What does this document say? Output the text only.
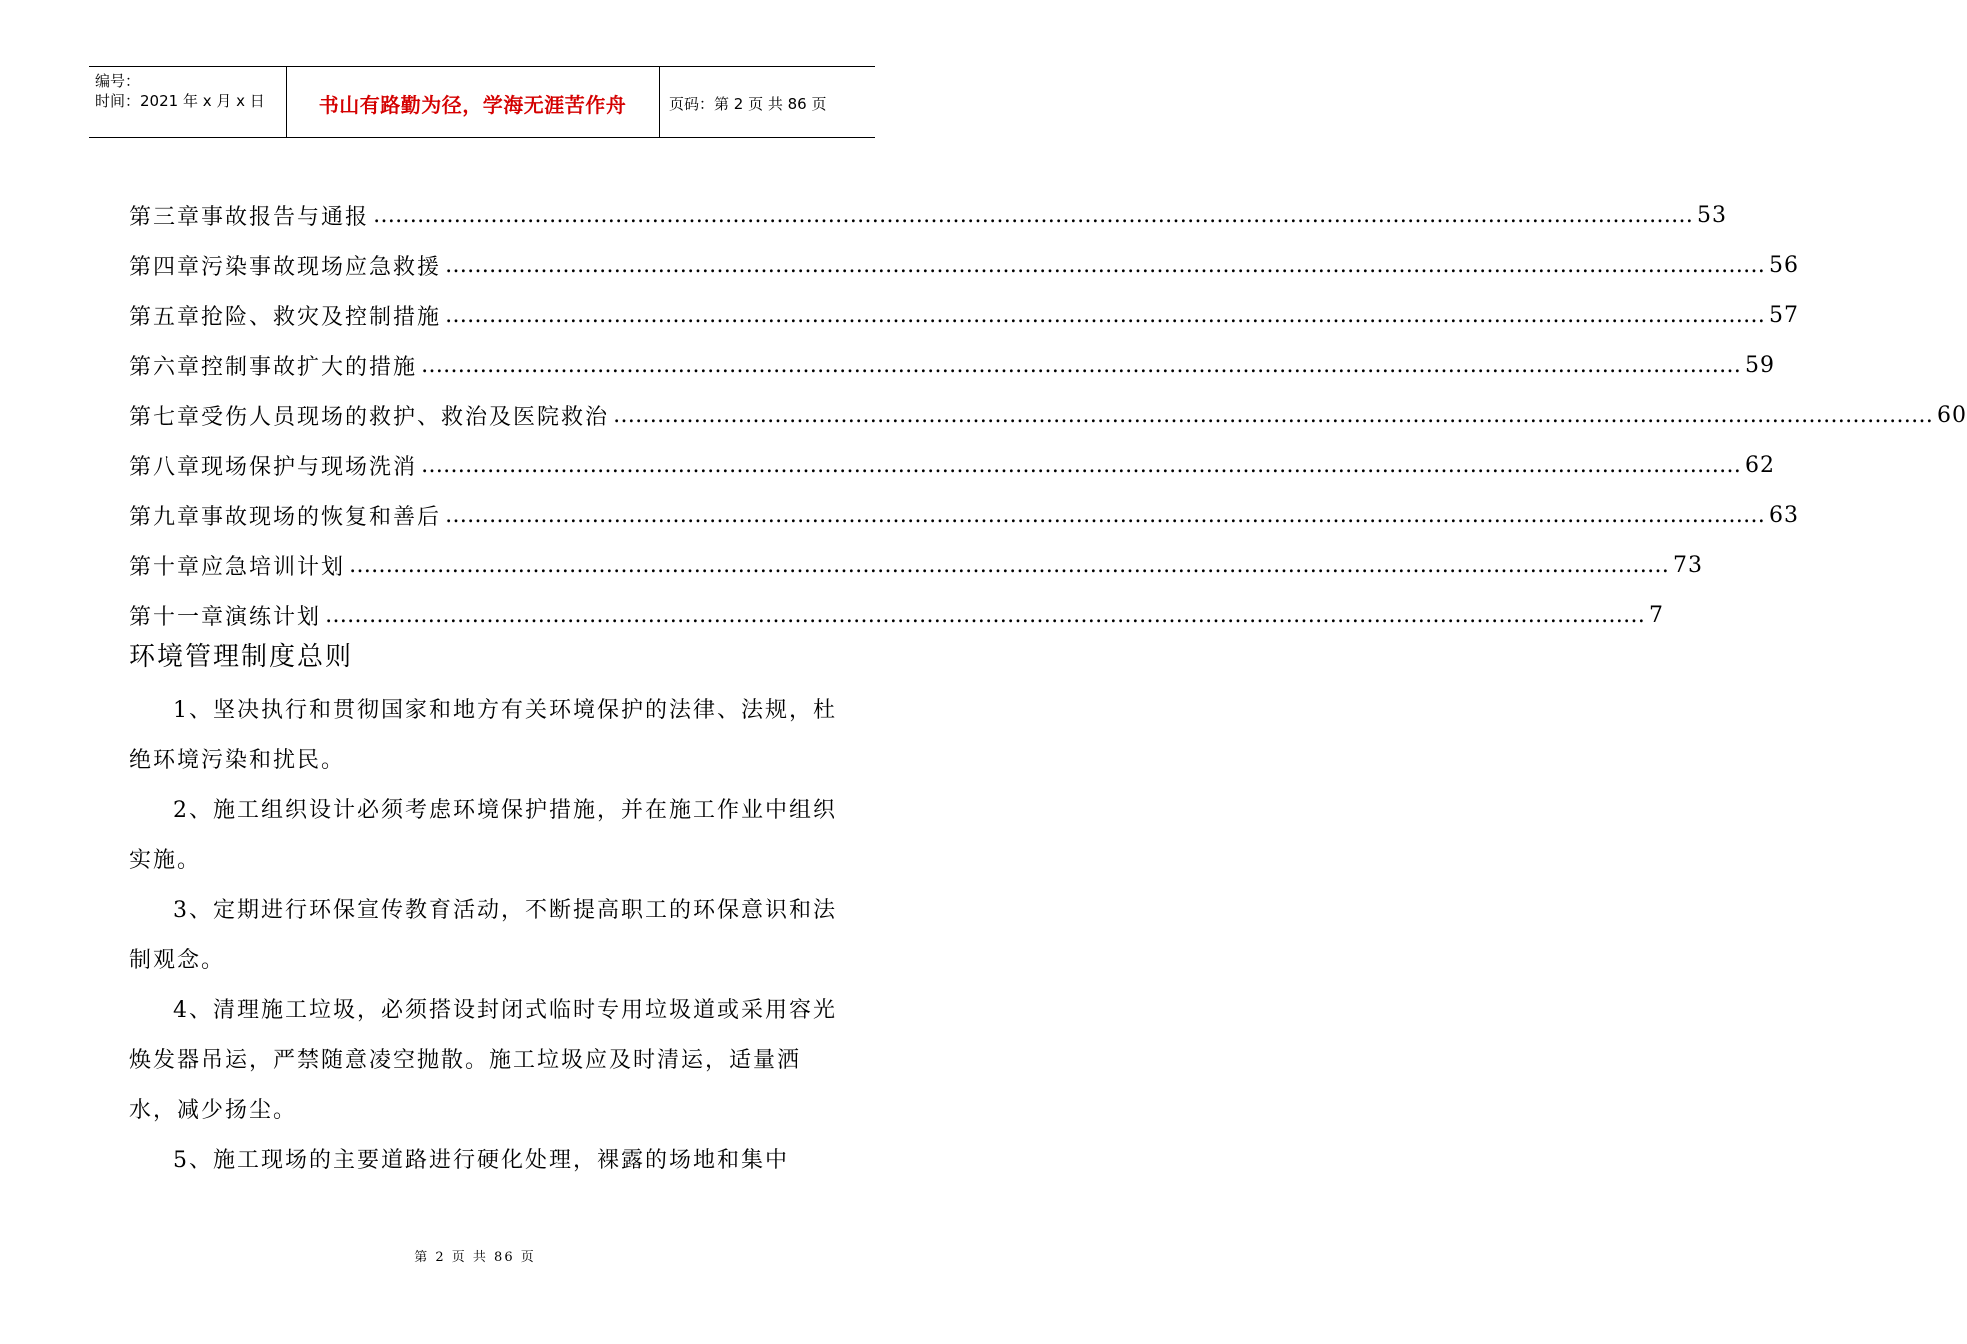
编号：
时间：2021 年 x 月 x 日	书山有路勤为径，学海无涯苦作舟	页码：第 2 页 共 86 页
第三章 事故报告与通报 ……………………………………………………………………………………………………………………………………………………………… 53
第四章 污染事故现场应急救援 ……………………………………………………………………………………………………………………………………………………………… 56
第五章 抢险、救灾及控制措施 ……………………………………………………………………………………………………………………………………………………………… 57
第六章 控制事故扩大的措施 ……………………………………………………………………………………………………………………………………………………………… 59
第七章 受伤人员现场的救护、救治及医院救治 ……………………………………………………………………………………………………………………………………………………………… 60
第八章 现场保护与现场洗消 ……………………………………………………………………………………………………………………………………………………………… 62
第九章 事故现场的恢复和善后 ……………………………………………………………………………………………………………………………………………………………… 63
第十章 应急培训计划 ……………………………………………………………………………………………………………………………………………………………… 73
第十一章 演练计划 ……………………………………………………………………………………………………………………………………………………………… 7
环境管理制度总则

1、坚决执行和贯彻国家和地方有关环境保护的法律、法规，杜绝环境污染和扰民。

2、施工组织设计必须考虑环境保护措施，并在施工作业中组织实施。

3、定期进行环保宣传教育活动，不断提高职工的环保意识和法制观念。

4、清理施工垃圾，必须搭设封闭式临时专用垃圾道或采用容光焕发器吊运，严禁随意凌空抛散。施工垃圾应及时清运，适量洒水，减少扬尘。

5、施工现场的主要道路进行硬化处理，裸露的场地和集中

第 2 页 共 86 页
